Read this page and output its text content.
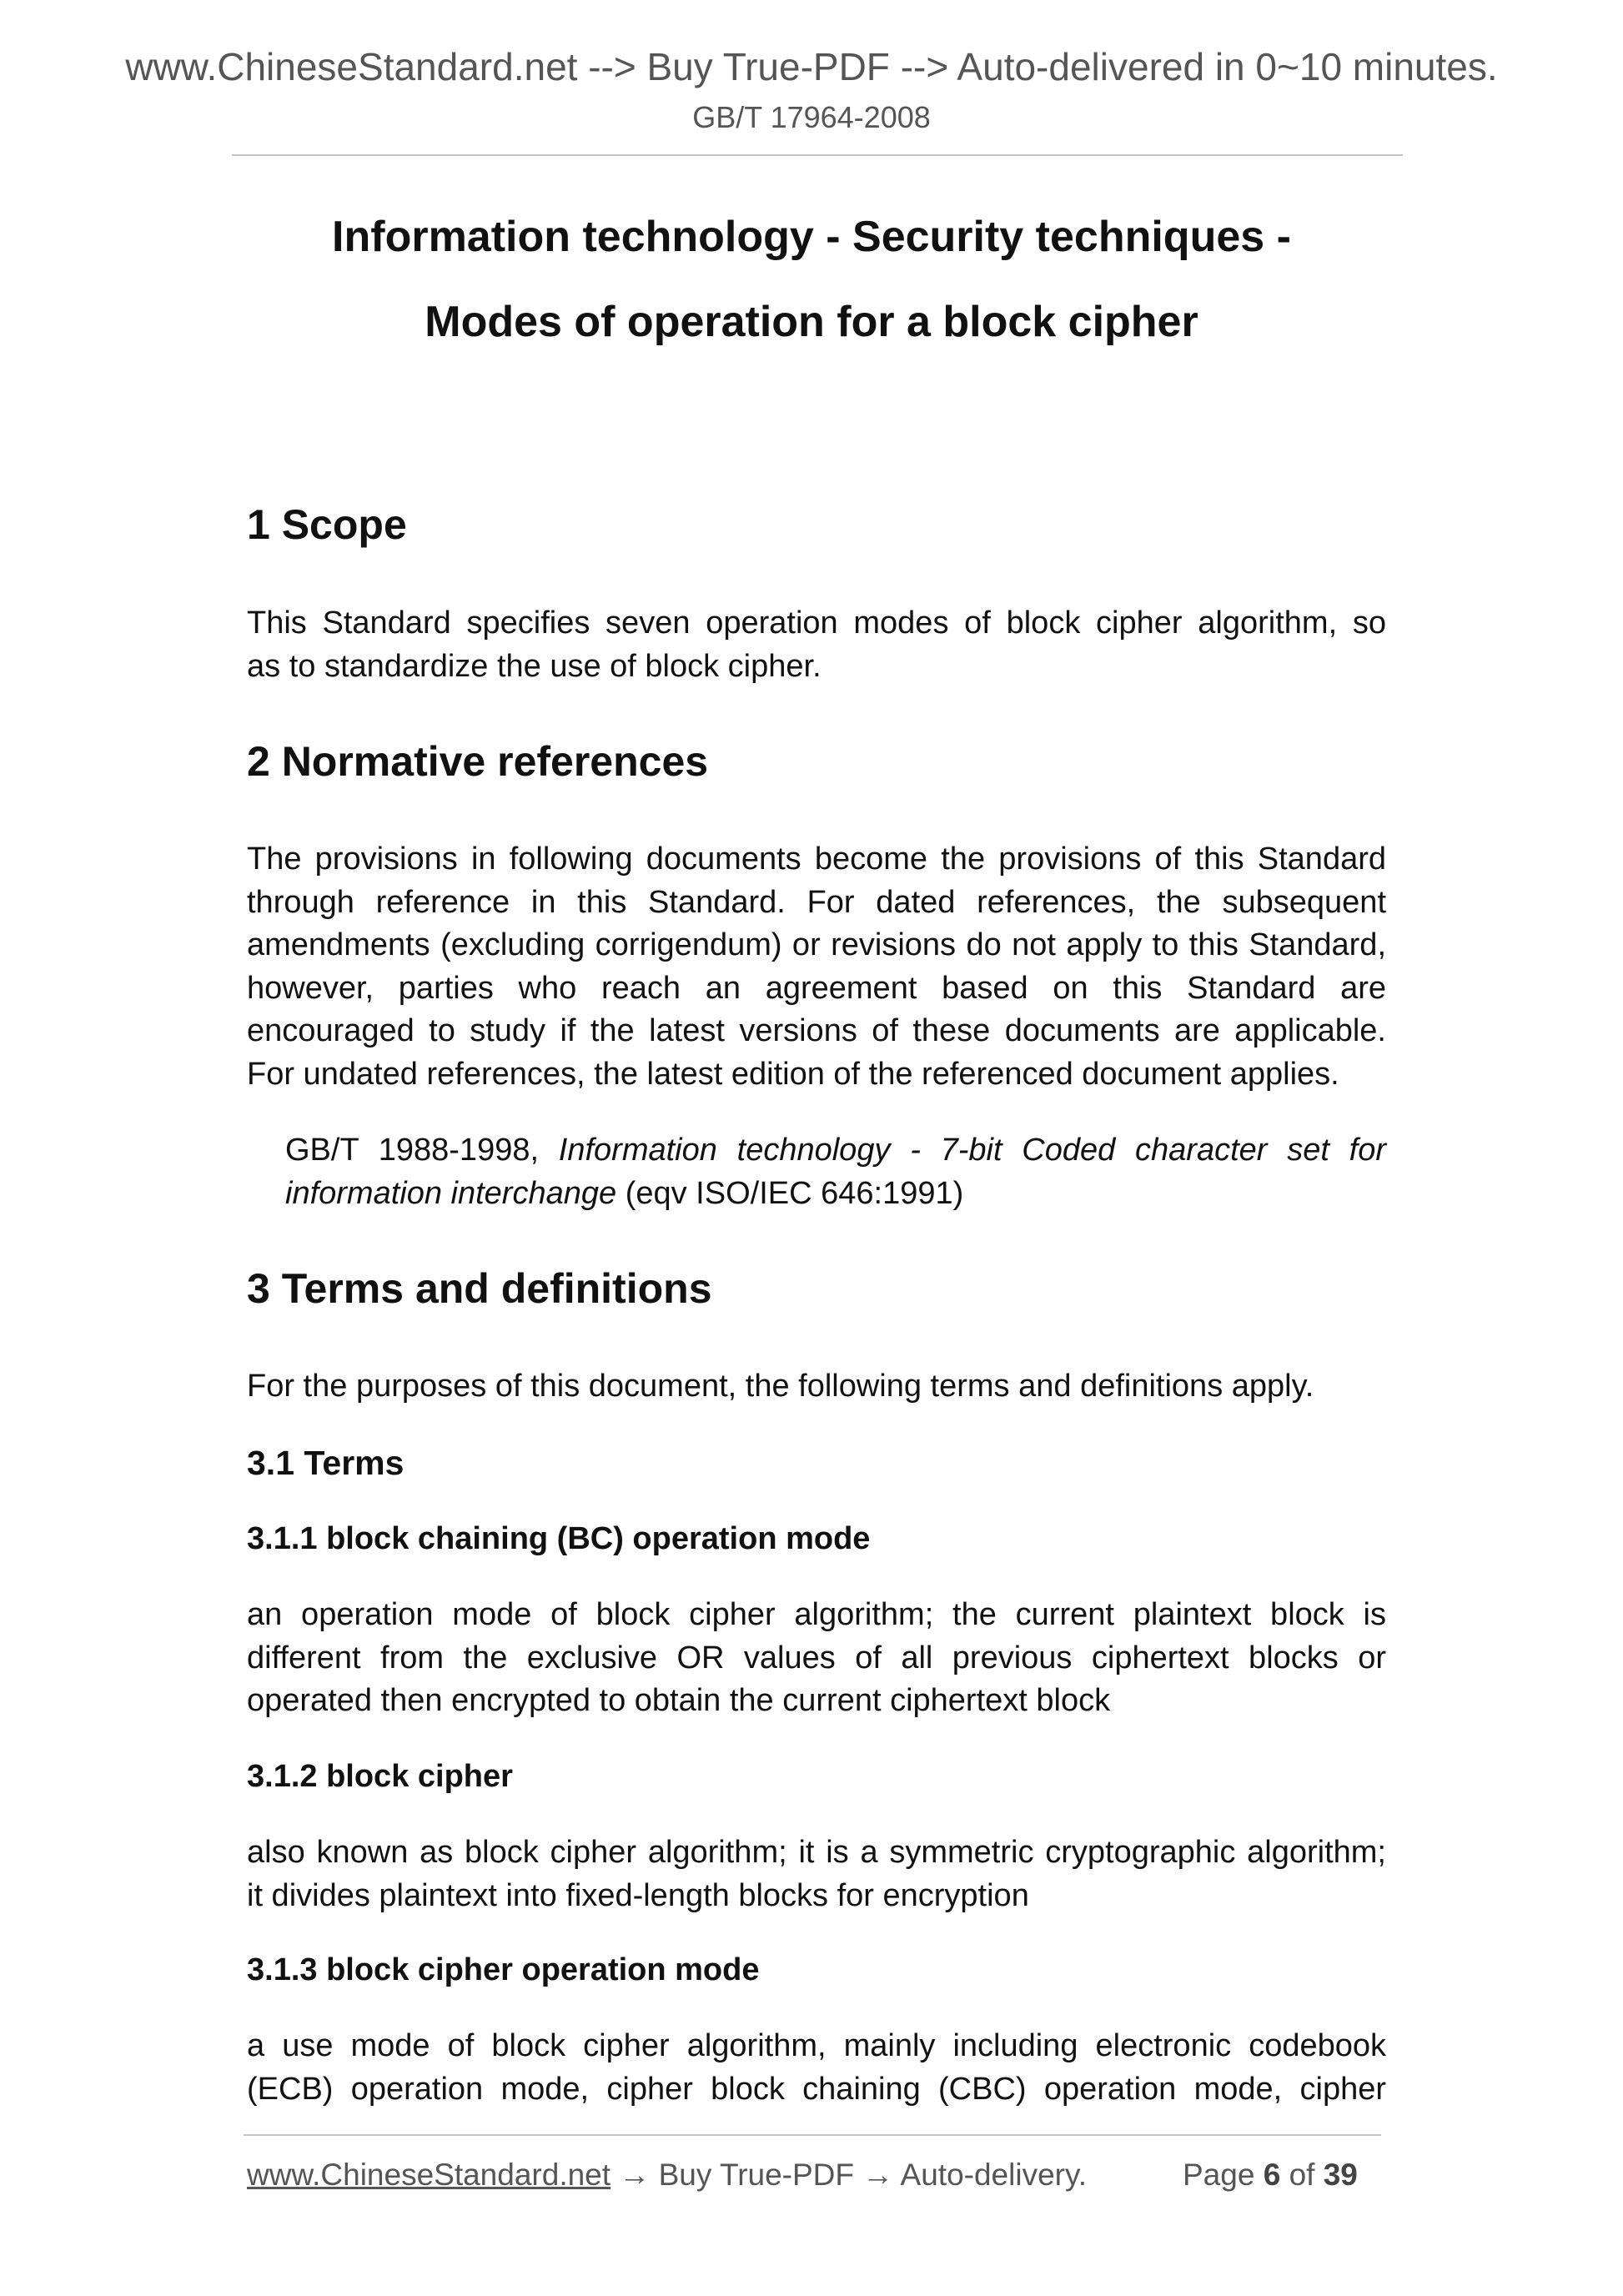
www.ChineseStandard.net --> Buy True-PDF --> Auto-delivered in 0~10 minutes.
GB/T 17964-2008
Information technology - Security techniques -
Modes of operation for a block cipher
1 Scope
This Standard specifies seven operation modes of block cipher algorithm, so
as to standardize the use of block cipher.
2 Normative references
The provisions in following documents become the provisions of this Standard
through reference in this Standard. For dated references, the subsequent
amendments (excluding corrigendum) or revisions do not apply to this Standard,
however, parties who reach an agreement based on this Standard are
encouraged to study if the latest versions of these documents are applicable.
For undated references, the latest edition of the referenced document applies.
GB/T 1988-1998, Information technology - 7-bit Coded character set for
information interchange (eqv ISO/IEC 646:1991)
3 Terms and definitions
For the purposes of this document, the following terms and definitions apply.
3.1 Terms
3.1.1 block chaining (BC) operation mode
an operation mode of block cipher algorithm; the current plaintext block is
different from the exclusive OR values of all previous ciphertext blocks or
operated then encrypted to obtain the current ciphertext block
3.1.2 block cipher
also known as block cipher algorithm; it is a symmetric cryptographic algorithm;
it divides plaintext into fixed-length blocks for encryption
3.1.3 block cipher operation mode
a use mode of block cipher algorithm, mainly including electronic codebook
(ECB) operation mode, cipher block chaining (CBC) operation mode, cipher
www.ChineseStandard.net → Buy True-PDF → Auto-delivery.	Page 6 of 39
